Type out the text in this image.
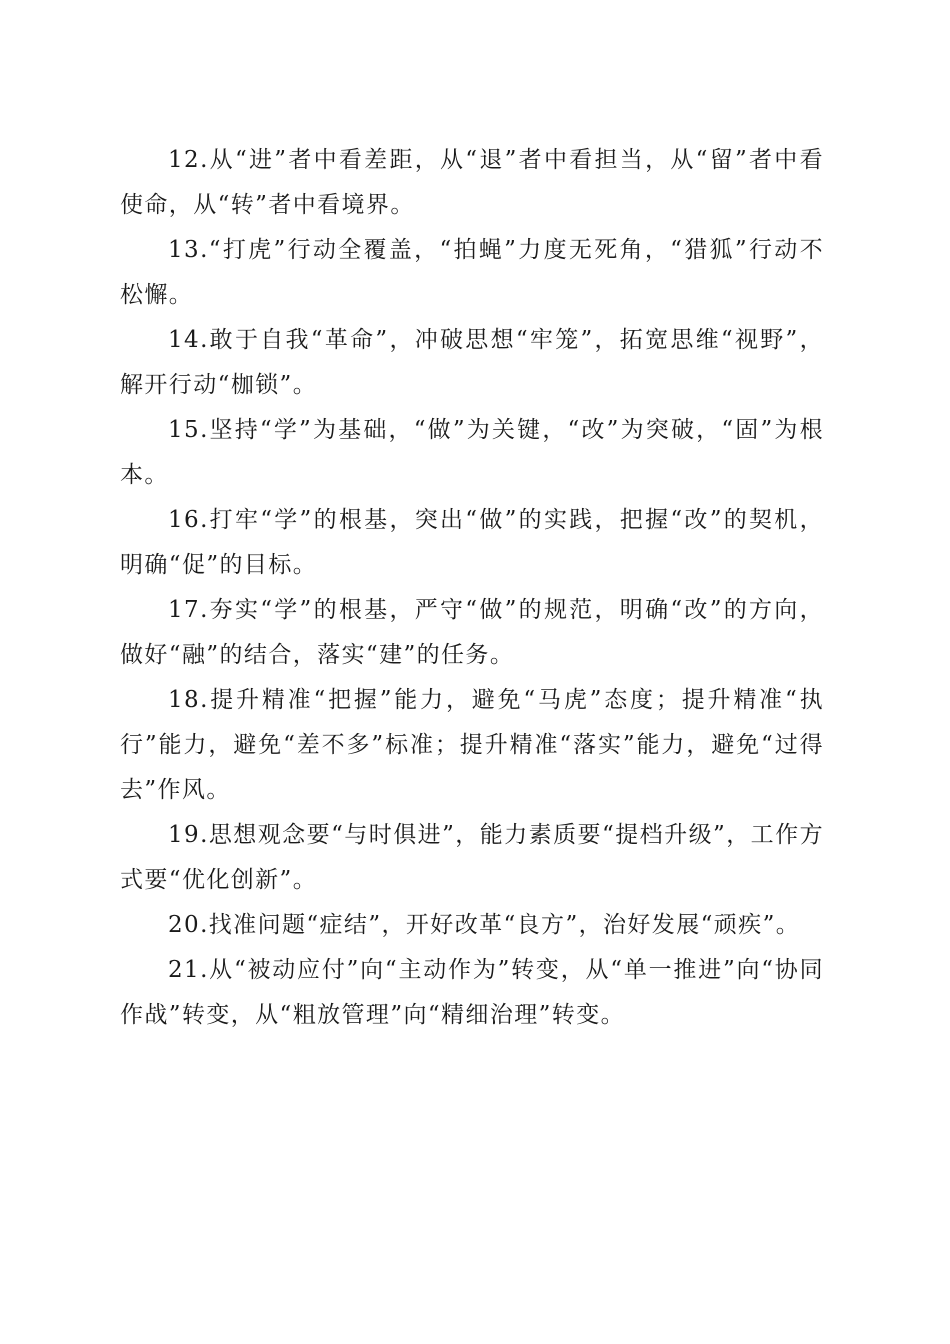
12.从“进”者中看差距，从“退”者中看担当，从“留”者中看使命，从“转”者中看境界。

13.“打虎”行动全覆盖，“拍蝇”力度无死角，“猎狐”行动不松懈。

14.敢于自我“革命”，冲破思想“牢笼”，拓宽思维“视野”，解开行动“枷锁”。

15.坚持“学”为基础，“做”为关键，“改”为突破，“固”为根本。

16.打牢“学”的根基，突出“做”的实践，把握“改”的契机，明确“促”的目标。

17.夯实“学”的根基，严守“做”的规范，明确“改”的方向，做好“融”的结合，落实“建”的任务。

18.提升精准“把握”能力，避免“马虎”态度；提升精准“执行”能力，避免“差不多”标准；提升精准“落实”能力，避免“过得去”作风。

19.思想观念要“与时俱进”，能力素质要“提档升级”，工作方式要“优化创新”。

20.找准问题“症结”，开好改革“良方”，治好发展“顽疾”。

21.从“被动应付”向“主动作为”转变，从“单一推进”向“协同作战”转变，从“粗放管理”向“精细治理”转变。
